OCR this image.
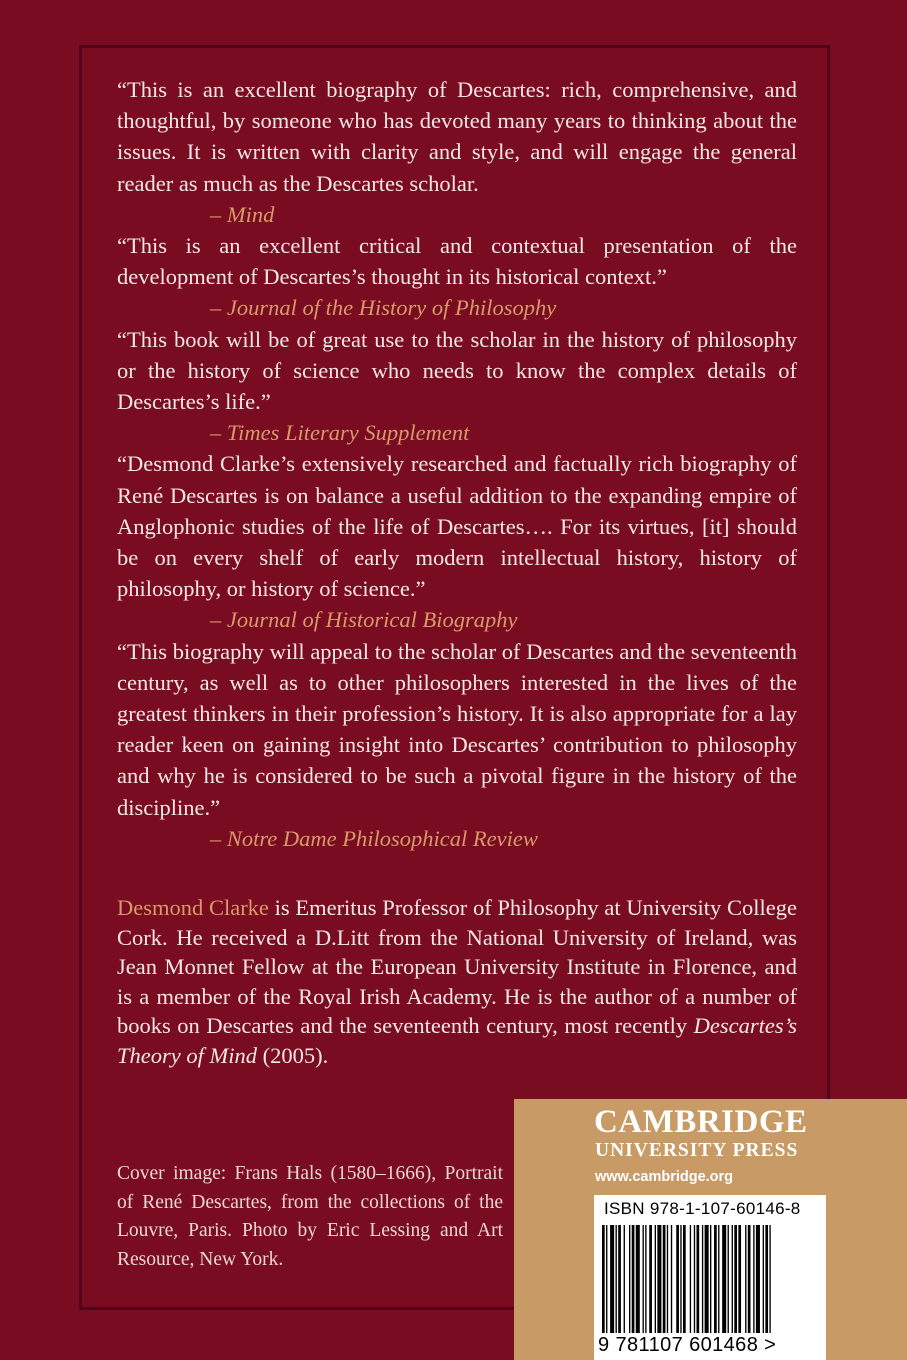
“This is an excellent biography of Descartes: rich, comprehensive, and thoughtful, by someone who has devoted many years to thinking about the issues. It is written with clarity and style, and will engage the general reader as much as the Descartes scholar.
– Mind
“This is an excellent critical and contextual presentation of the development of Descartes’s thought in its historical context.”
– Journal of the History of Philosophy
“This book will be of great use to the scholar in the history of philosophy or the history of science who needs to know the complex details of Descartes’s life.”
– Times Literary Supplement
“Desmond Clarke’s extensively researched and factually rich biography of René Descartes is on balance a useful addition to the expanding empire of Anglophonic studies of the life of Descartes…. For its virtues, [it] should be on every shelf of early modern intellectual history, history of philosophy, or history of science.”
– Journal of Historical Biography
“This biography will appeal to the scholar of Descartes and the seventeenth century, as well as to other philosophers interested in the lives of the greatest thinkers in their profession’s history. It is also appropriate for a lay reader keen on gaining insight into Descartes’ contribution to philosophy and why he is considered to be such a pivotal figure in the history of the discipline.”
– Notre Dame Philosophical Review
Desmond Clarke is Emeritus Professor of Philosophy at University College Cork. He received a D.Litt from the National University of Ireland, was Jean Monnet Fellow at the European University Institute in Florence, and is a member of the Royal Irish Academy. He is the author of a number of books on Descartes and the seventeenth century, most recently Descartes’s Theory of Mind (2005).
Cover image: Frans Hals (1580–1666), Portrait of René Descartes, from the collections of the Louvre, Paris. Photo by Eric Lessing and Art Resource, New York.
CAMBRIDGE
UNIVERSITY PRESS
www.cambridge.org
ISBN 978-1-107-60146-8
9 781107 601468 >
